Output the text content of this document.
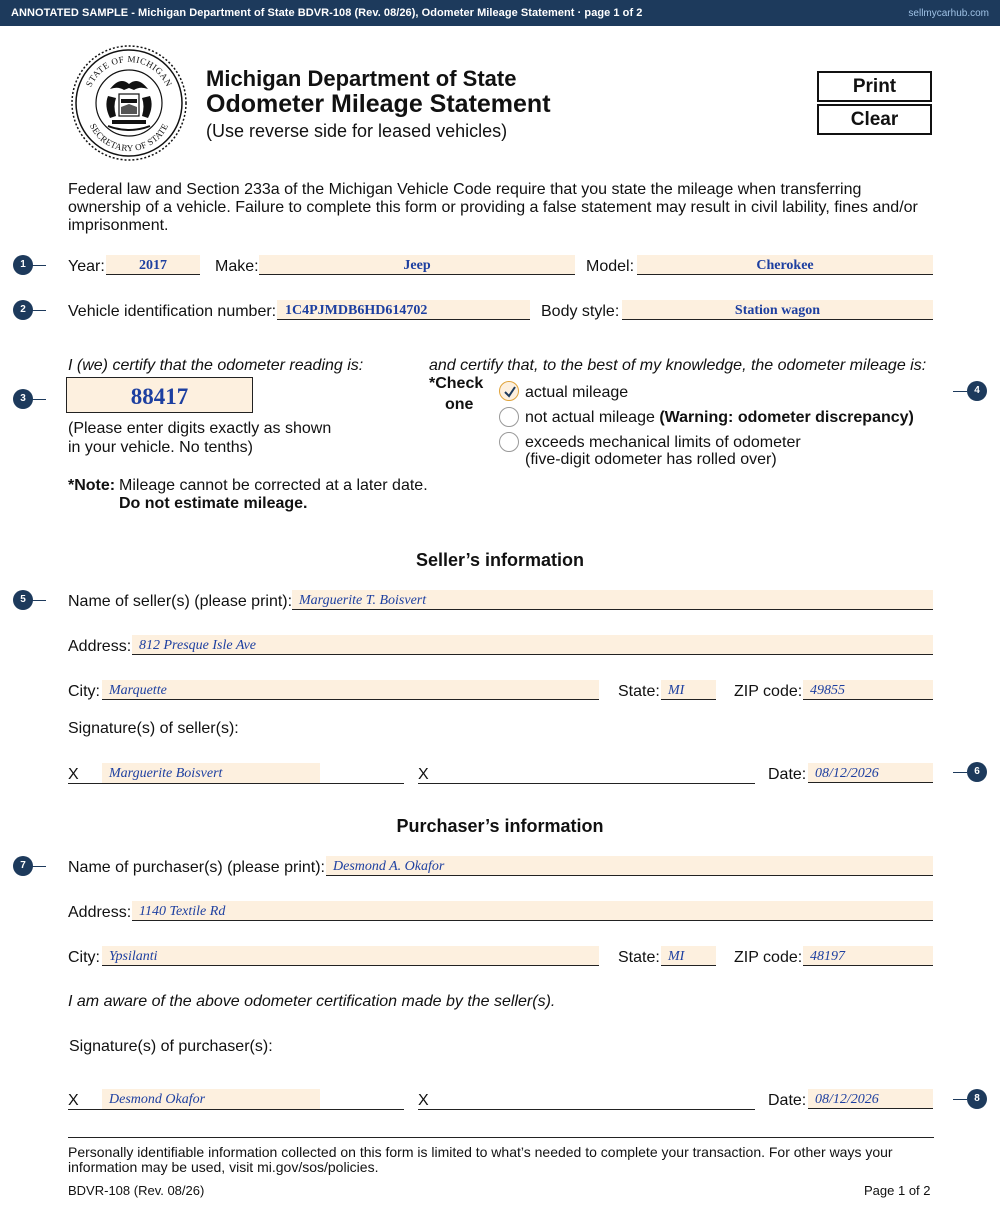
ANNOTATED SAMPLE - Michigan Department of State BDVR-108 (Rev. 08/26), Odometer Mileage Statement · page 1 of 2	sellmycarhub.com
STATE OF MICHIGAN
SECRETARY OF STATE
Michigan Department of State
Odometer Mileage Statement
(Use reverse side for leased vehicles)
Print
Clear
Federal law and Section 233a of the Michigan Vehicle Code require that you state the mileage when transferring ownership of a vehicle. Failure to complete this form or providing a false statement may result in civil lability, fines and/or imprisonment.
Year:	2017	Make:	Jeep	Model:	Cherokee
Vehicle identification number: 1C4PJMDB6HD614702	Body style:	Station wagon
I (we) certify that the odometer reading is:
88417
(Please enter digits exactly as shown
in your vehicle. No tenths)
*Note: Mileage cannot be corrected at a later date.
Do not estimate mileage.
and certify that, to the best of my knowledge, the odometer mileage is:
*Check
one
actual mileage
not actual mileage (Warning: odometer discrepancy)
exceeds mechanical limits of odometer
(five-digit odometer has rolled over)
Seller’s information
Name of seller(s) (please print): Marguerite T. Boisvert
Address: 812 Presque Isle Ave
City: Marquette	State: MI	ZIP code: 49855
Signature(s) of seller(s):
X	Marguerite Boisvert	X	Date: 08/12/2026
Purchaser’s information
Name of purchaser(s) (please print): Desmond A. Okafor
Address: 1140 Textile Rd
City: Ypsilanti	State: MI	ZIP code: 48197
I am aware of the above odometer certification made by the seller(s).
Signature(s) of purchaser(s):
X	Desmond Okafor	X	Date: 08/12/2026
1
2
3
4
5
6
7
8
Personally identifiable information collected on this form is limited to what’s needed to complete your transaction. For other ways your information may be used, visit mi.gov/sos/policies.
BDVR-108 (Rev. 08/26)	Page 1 of 2
